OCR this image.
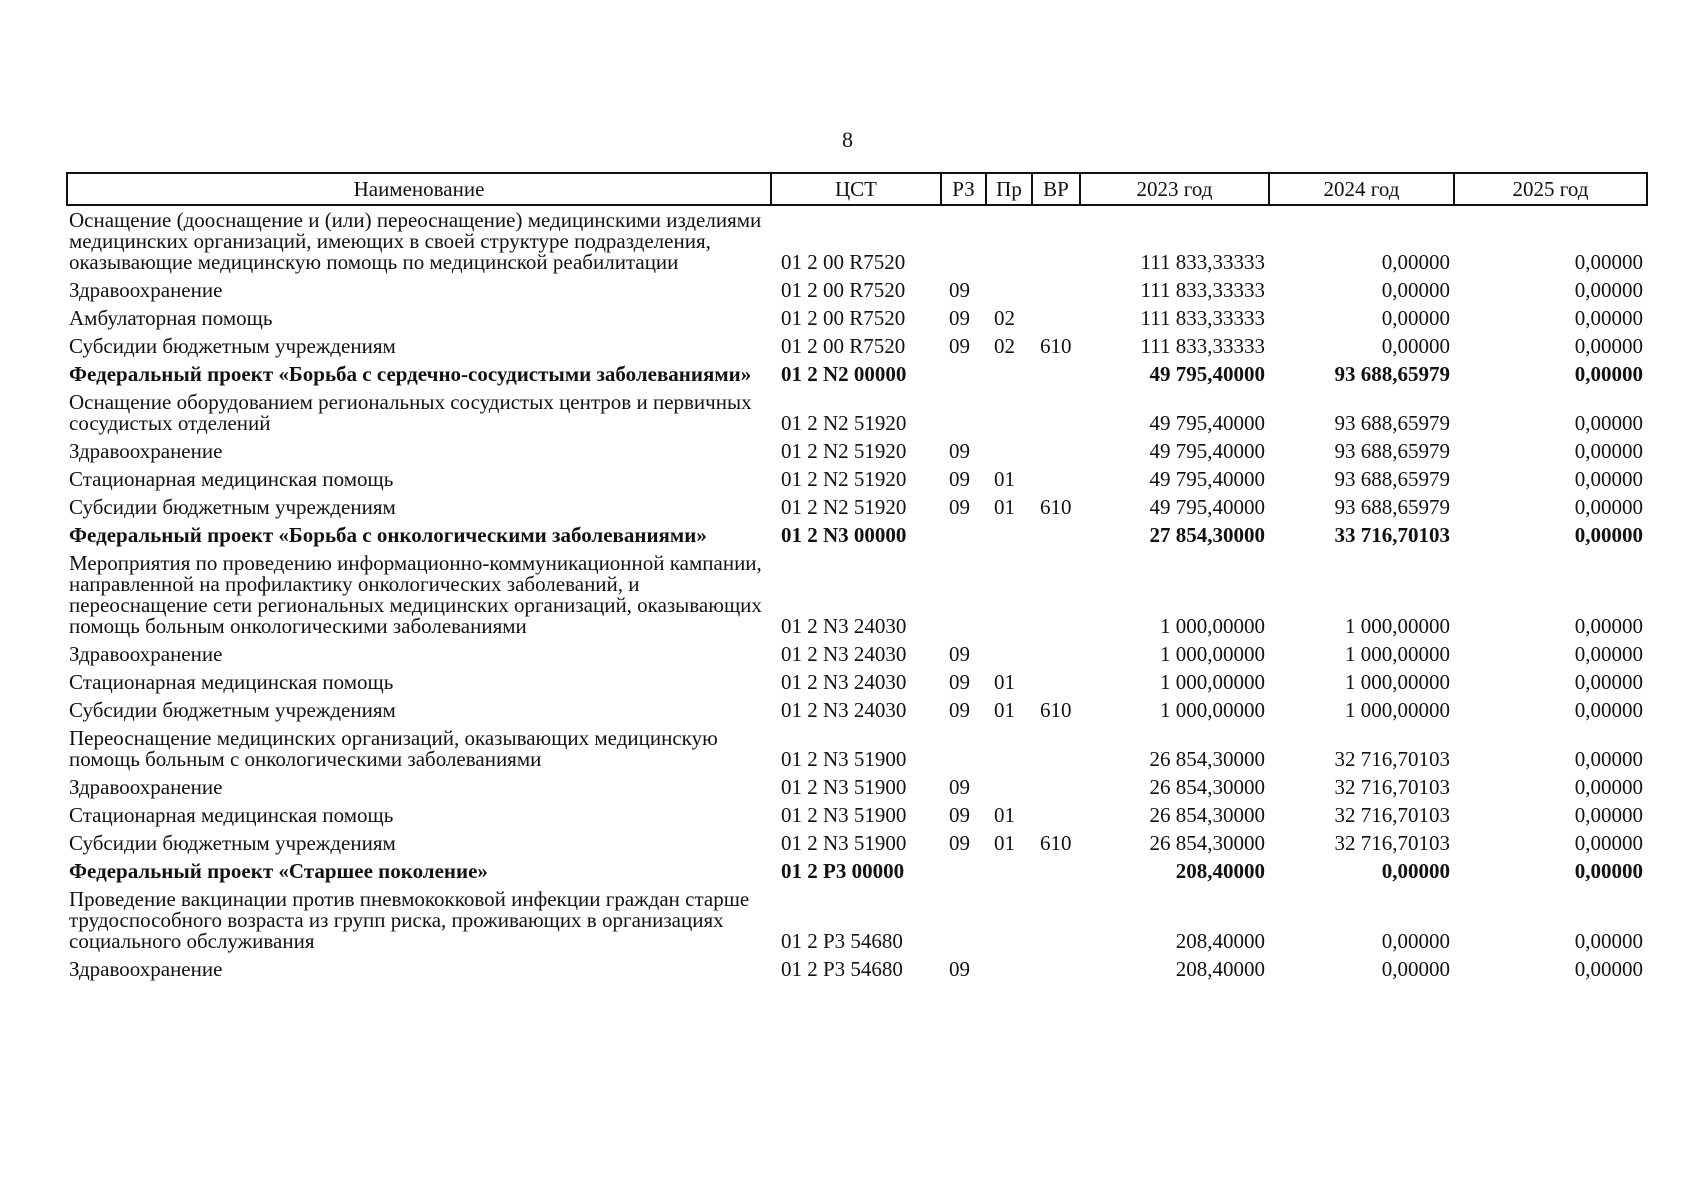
8
Наименование	ЦСТ	РЗ	Пр	ВР	2023 год	2024 год	2025 год
Оснащение (дооснащение и (или) переоснащение) медицинскими изделиями медицинских организаций, имеющих в своей структуре подразделения, оказывающие медицинскую помощь по медицинской реабилитации	01 2 00 R7520				111 833,33333	0,00000	0,00000
Здравоохранение	01 2 00 R7520	09			111 833,33333	0,00000	0,00000
Амбулаторная помощь	01 2 00 R7520	09	02		111 833,33333	0,00000	0,00000
Субсидии бюджетным учреждениям	01 2 00 R7520	09	02	610	111 833,33333	0,00000	0,00000
Федеральный проект «Борьба с сердечно-сосудистыми заболеваниями»	01 2 N2 00000				49 795,40000	93 688,65979	0,00000
Оснащение оборудованием региональных сосудистых центров и первичных сосудистых отделений	01 2 N2 51920				49 795,40000	93 688,65979	0,00000
Здравоохранение	01 2 N2 51920	09			49 795,40000	93 688,65979	0,00000
Стационарная медицинская помощь	01 2 N2 51920	09	01		49 795,40000	93 688,65979	0,00000
Субсидии бюджетным учреждениям	01 2 N2 51920	09	01	610	49 795,40000	93 688,65979	0,00000
Федеральный проект «Борьба с онкологическими заболеваниями»	01 2 N3 00000				27 854,30000	33 716,70103	0,00000
Мероприятия по проведению информационно-коммуникационной кампании, направленной на профилактику онкологических заболеваний, и переоснащение сети региональных медицинских организаций, оказывающих помощь больным онкологическими заболеваниями	01 2 N3 24030				1 000,00000	1 000,00000	0,00000
Здравоохранение	01 2 N3 24030	09			1 000,00000	1 000,00000	0,00000
Стационарная медицинская помощь	01 2 N3 24030	09	01		1 000,00000	1 000,00000	0,00000
Субсидии бюджетным учреждениям	01 2 N3 24030	09	01	610	1 000,00000	1 000,00000	0,00000
Переоснащение медицинских организаций, оказывающих медицинскую помощь больным с онкологическими заболеваниями	01 2 N3 51900				26 854,30000	32 716,70103	0,00000
Здравоохранение	01 2 N3 51900	09			26 854,30000	32 716,70103	0,00000
Стационарная медицинская помощь	01 2 N3 51900	09	01		26 854,30000	32 716,70103	0,00000
Субсидии бюджетным учреждениям	01 2 N3 51900	09	01	610	26 854,30000	32 716,70103	0,00000
Федеральный проект «Старшее поколение»	01 2 P3 00000				208,40000	0,00000	0,00000
Проведение вакцинации против пневмококковой инфекции граждан старше трудоспособного возраста из групп риска, проживающих в организациях социального обслуживания	01 2 P3 54680				208,40000	0,00000	0,00000
Здравоохранение	01 2 P3 54680	09			208,40000	0,00000	0,00000
